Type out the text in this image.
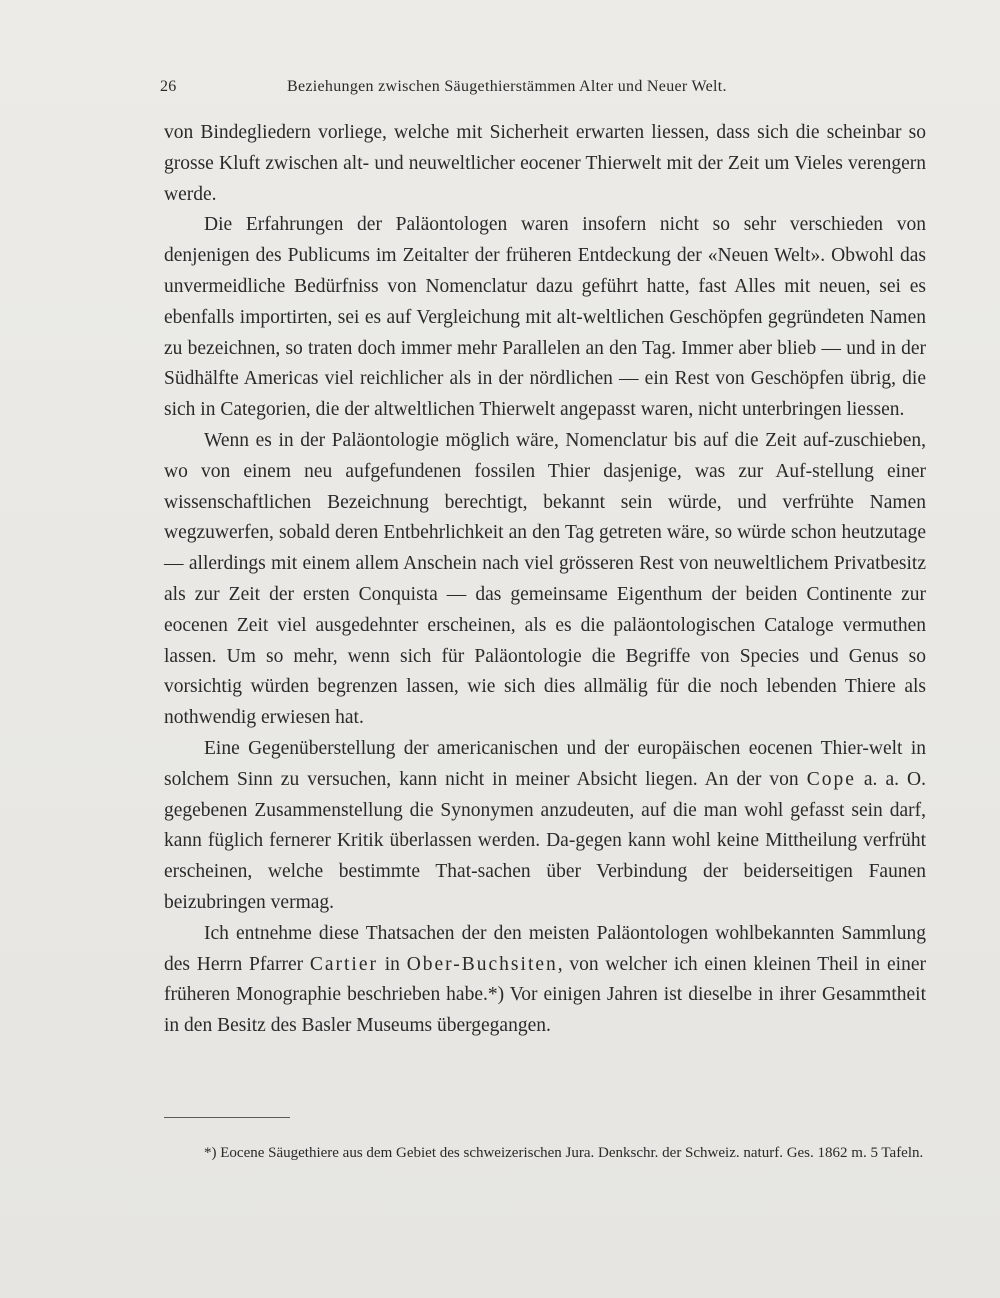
26	Beziehungen zwischen Säugethierstämmen Alter und Neuer Welt.

von Bindegliedern vorliege, welche mit Sicherheit erwarten liessen, dass sich die scheinbar so grosse Kluft zwischen alt- und neuweltlicher eocener Thierwelt mit der Zeit um Vieles verengern werde.

Die Erfahrungen der Paläontologen waren insofern nicht so sehr verschieden von denjenigen des Publicums im Zeitalter der früheren Entdeckung der «Neuen Welt». Obwohl das unvermeidliche Bedürfniss von Nomenclatur dazu geführt hatte, fast Alles mit neuen, sei es ebenfalls importirten, sei es auf Vergleichung mit alt-weltlichen Geschöpfen gegründeten Namen zu bezeichnen, so traten doch immer mehr Parallelen an den Tag. Immer aber blieb — und in der Südhälfte Americas viel reichlicher als in der nördlichen — ein Rest von Geschöpfen übrig, die sich in Categorien, die der altweltlichen Thierwelt angepasst waren, nicht unterbringen liessen.

Wenn es in der Paläontologie möglich wäre, Nomenclatur bis auf die Zeit auf-zuschieben, wo von einem neu aufgefundenen fossilen Thier dasjenige, was zur Auf-stellung einer wissenschaftlichen Bezeichnung berechtigt, bekannt sein würde, und verfrühte Namen wegzuwerfen, sobald deren Entbehrlichkeit an den Tag getreten wäre, so würde schon heutzutage — allerdings mit einem allem Anschein nach viel grösseren Rest von neuweltlichem Privatbesitz als zur Zeit der ersten Conquista — das gemeinsame Eigenthum der beiden Continente zur eocenen Zeit viel ausgedehnter erscheinen, als es die paläontologischen Cataloge vermuthen lassen. Um so mehr, wenn sich für Paläontologie die Begriffe von Species und Genus so vorsichtig würden begrenzen lassen, wie sich dies allmälig für die noch lebenden Thiere als nothwendig erwiesen hat.

Eine Gegenüberstellung der americanischen und der europäischen eocenen Thier-welt in solchem Sinn zu versuchen, kann nicht in meiner Absicht liegen. An der von Cope a. a. O. gegebenen Zusammenstellung die Synonymen anzudeuten, auf die man wohl gefasst sein darf, kann füglich fernerer Kritik überlassen werden. Da-gegen kann wohl keine Mittheilung verfrüht erscheinen, welche bestimmte That-sachen über Verbindung der beiderseitigen Faunen beizubringen vermag.

Ich entnehme diese Thatsachen der den meisten Paläontologen wohlbekannten Sammlung des Herrn Pfarrer Cartier in Ober-Buchsiten, von welcher ich einen kleinen Theil in einer früheren Monographie beschrieben habe.*) Vor einigen Jahren ist dieselbe in ihrer Gesammtheit in den Besitz des Basler Museums übergegangen.

*) Eocene Säugethiere aus dem Gebiet des schweizerischen Jura. Denkschr. der Schweiz. naturf. Ges. 1862 m. 5 Tafeln.
